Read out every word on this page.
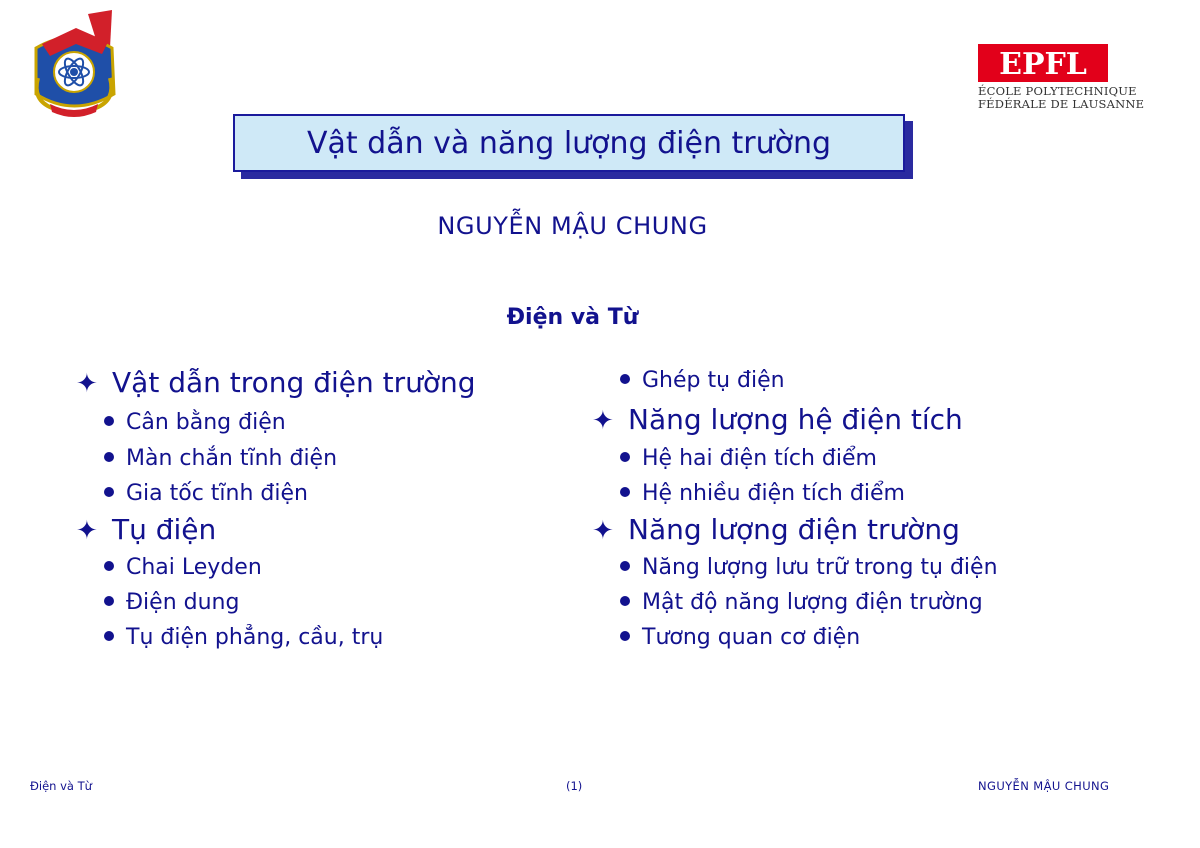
EPFL
ÉCOLE POLYTECHNIQUE
FÉDÉRALE DE LAUSANNE
Vật dẫn và năng lượng điện trường
NGUYỄN MẬU CHUNG
Điện và Từ
✦ Vật dẫn trong điện trường
Cân bằng điện
Màn chắn tĩnh điện
Gia tốc tĩnh điện
✦ Tụ điện
Chai Leyden
Điện dung
Tụ điện phẳng, cầu, trụ
Ghép tụ điện
✦ Năng lượng hệ điện tích
Hệ hai điện tích điểm
Hệ nhiều điện tích điểm
✦ Năng lượng điện trường
Năng lượng lưu trữ trong tụ điện
Mật độ năng lượng điện trường
Tương quan cơ điện
Điện và Từ	(1)	NGUYỄN MẬU CHUNG
